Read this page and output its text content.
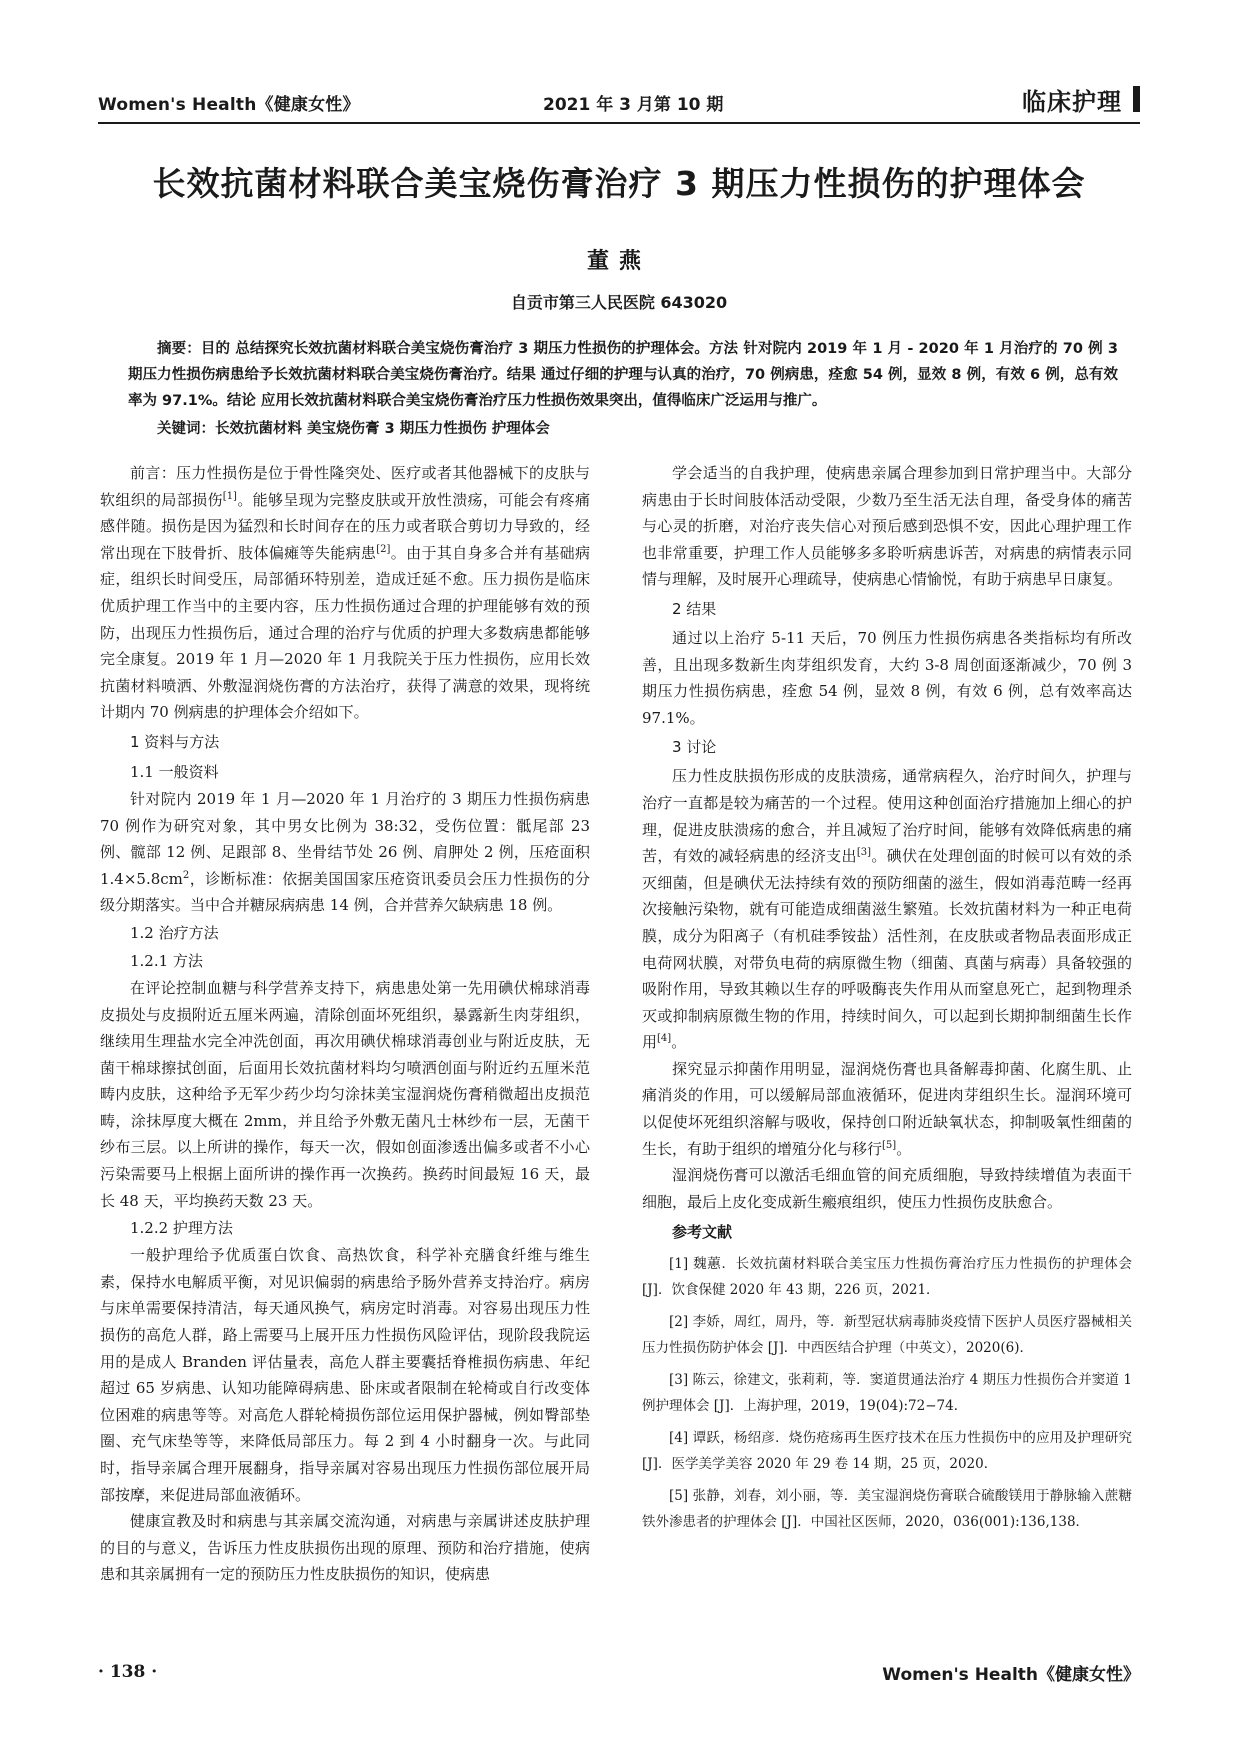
Women's Health《健康女性》	2021 年 3 月第 10 期	临床护理
长效抗菌材料联合美宝烧伤膏治疗 3 期压力性损伤的护理体会
董燕
自贡市第三人民医院 643020
摘要：目的 总结探究长效抗菌材料联合美宝烧伤膏治疗 3 期压力性损伤的护理体会。方法 针对院内 2019 年 1 月 - 2020 年 1 月治疗的 70 例 3 期压力性损伤病患给予长效抗菌材料联合美宝烧伤膏治疗。结果 通过仔细的护理与认真的治疗，70 例病患，痊愈 54 例，显效 8 例，有效 6 例，总有效率为 97.1%。结论 应用长效抗菌材料联合美宝烧伤膏治疗压力性损伤效果突出，值得临床广泛运用与推广。
关键词：长效抗菌材料 美宝烧伤膏 3 期压力性损伤 护理体会

前言：压力性损伤是位于骨性隆突处、医疗或者其他器械下的皮肤与软组织的局部损伤[1]。能够呈现为完整皮肤或开放性溃疡，可能会有疼痛感伴随。损伤是因为猛烈和长时间存在的压力或者联合剪切力导致的，经常出现在下肢骨折、肢体偏瘫等失能病患[2]。由于其自身多合并有基础病症，组织长时间受压，局部循环特别差，造成迁延不愈。压力损伤是临床优质护理工作当中的主要内容，压力性损伤通过合理的护理能够有效的预防，出现压力性损伤后，通过合理的治疗与优质的护理大多数病患都能够完全康复。2019 年 1 月—2020 年 1 月我院关于压力性损伤，应用长效抗菌材料喷洒、外敷湿润烧伤膏的方法治疗，获得了满意的效果，现将统计期内 70 例病患的护理体会介绍如下。

1 资料与方法
1.1 一般资料

针对院内 2019 年 1 月—2020 年 1 月治疗的 3 期压力性损伤病患 70 例作为研究对象，其中男女比例为 38:32，受伤位置：骶尾部 23 例、髋部 12 例、足跟部 8、坐骨结节处 26 例、肩胛处 2 例，压疮面积 $1.4\times 5.8cm^2$，诊断标准：依据美国国家压疮资讯委员会压力性损伤的分级分期落实。当中合并糖尿病病患 14 例，合并营养欠缺病患 18 例。

1.2 治疗方法
1.2.1 方法

在评论控制血糖与科学营养支持下，病患患处第一先用碘伏棉球消毒皮损处与皮损附近五厘米两遍，清除创面坏死组织，暴露新生肉芽组织，继续用生理盐水完全冲洗创面，再次用碘伏棉球消毒创业与附近皮肤，无菌干棉球擦拭创面，后面用长效抗菌材料均匀喷洒创面与附近约五厘米范畴内皮肤，这种给予无军少药少均匀涂抹美宝湿润烧伤膏稍微超出皮损范畴，涂抹厚度大概在 2mm，并且给予外敷无菌凡士林纱布一层，无菌干纱布三层。以上所讲的操作，每天一次，假如创面渗透出偏多或者不小心污染需要马上根据上面所讲的操作再一次换药。换药时间最短 16 天，最长 48 天，平均换药天数 23 天。

1.2.2 护理方法

一般护理给予优质蛋白饮食、高热饮食，科学补充膳食纤维与维生素，保持水电解质平衡，对见识偏弱的病患给予肠外营养支持治疗。病房与床单需要保持清洁，每天通风换气，病房定时消毒。对容易出现压力性损伤的高危人群，路上需要马上展开压力性损伤风险评估，现阶段我院运用的是成人 Branden 评估量表，高危人群主要囊括脊椎损伤病患、年纪超过 65 岁病患、认知功能障碍病患、卧床或者限制在轮椅或自行改变体位困难的病患等等。对高危人群轮椅损伤部位运用保护器械，例如臀部垫圈、充气床垫等等，来降低局部压力。每 2 到 4 小时翻身一次。与此同时，指导亲属合理开展翻身，指导亲属对容易出现压力性损伤部位展开局部按摩，来促进局部血液循环。

健康宣教及时和病患与其亲属交流沟通，对病患与亲属讲述皮肤护理的目的与意义，告诉压力性皮肤损伤出现的原理、预防和治疗措施，使病患和其亲属拥有一定的预防压力性皮肤损伤的知识，使病患

学会适当的自我护理，使病患亲属合理参加到日常护理当中。大部分病患由于长时间肢体活动受限，少数乃至生活无法自理，备受身体的痛苦与心灵的折磨，对治疗丧失信心对预后感到恐惧不安，因此心理护理工作也非常重要，护理工作人员能够多多聆听病患诉苦，对病患的病情表示同情与理解，及时展开心理疏导，使病患心情愉悦，有助于病患早日康复。

2 结果

通过以上治疗 5-11 天后，70 例压力性损伤病患各类指标均有所改善，且出现多数新生肉芽组织发育，大约 3-8 周创面逐渐减少，70 例 3 期压力性损伤病患，痊愈 54 例，显效 8 例，有效 6 例，总有效率高达 97.1%。

3 讨论

压力性皮肤损伤形成的皮肤溃疡，通常病程久，治疗时间久，护理与治疗一直都是较为痛苦的一个过程。使用这种创面治疗措施加上细心的护理，促进皮肤溃疡的愈合，并且减短了治疗时间，能够有效降低病患的痛苦，有效的减轻病患的经济支出[3]。碘伏在处理创面的时候可以有效的杀灭细菌，但是碘伏无法持续有效的预防细菌的滋生，假如消毒范畴一经再次接触污染物，就有可能造成细菌滋生繁殖。长效抗菌材料为一种正电荷膜，成分为阳离子（有机硅季铵盐）活性剂，在皮肤或者物品表面形成正电荷网状膜，对带负电荷的病原微生物（细菌、真菌与病毒）具备较强的吸附作用，导致其赖以生存的呼吸酶丧失作用从而窒息死亡，起到物理杀灭或抑制病原微生物的作用，持续时间久，可以起到长期抑制细菌生长作用[4]。

探究显示抑菌作用明显，湿润烧伤膏也具备解毒抑菌、化腐生肌、止痛消炎的作用，可以缓解局部血液循环，促进肉芽组织生长。湿润环境可以促使坏死组织溶解与吸收，保持创口附近缺氧状态，抑制吸氧性细菌的生长，有助于组织的增殖分化与移行[5]。

湿润烧伤膏可以激活毛细血管的间充质细胞，导致持续增值为表面干细胞，最后上皮化变成新生瘢痕组织，使压力性损伤皮肤愈合。

参考文献
[1] 魏蕙．长效抗菌材料联合美宝压力性损伤膏治疗压力性损伤的护理体会 [J]．饮食保健 2020 年 43 期，226 页，2021．
[2] 李娇，周红，周丹，等．新型冠状病毒肺炎疫情下医护人员医疗器械相关压力性损伤防护体会 [J]．中西医结合护理（中英文），2020(6)．
[3] 陈云，徐建文，张莉莉，等．窦道贯通法治疗 4 期压力性损伤合并窦道 1 例护理体会 [J]．上海护理，2019，19(04):72−74．
[4] 谭跃，杨绍彦．烧伤疮疡再生医疗技术在压力性损伤中的应用及护理研究 [J]．医学美学美容 2020 年 29 卷 14 期，25 页，2020．
[5] 张静，刘春，刘小丽，等．美宝湿润烧伤膏联合硫酸镁用于静脉输入蔗糖铁外渗患者的护理体会 [J]．中国社区医师，2020，036(001):136,138．
· 138 ·	Women's Health《健康女性》
